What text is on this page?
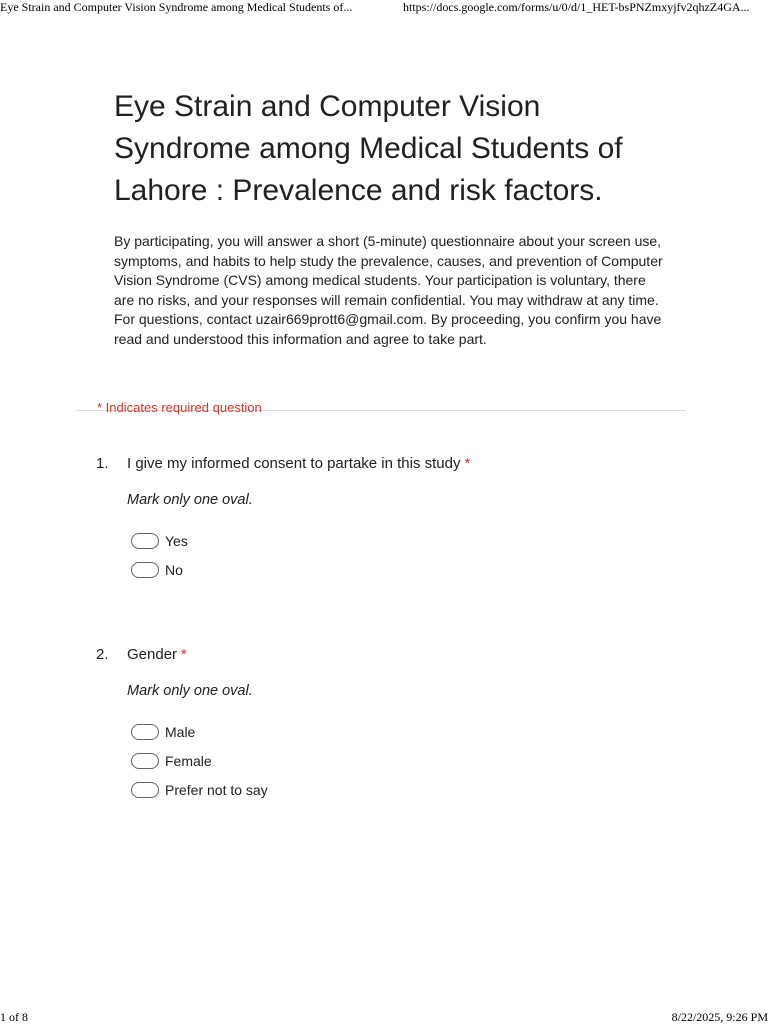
Eye Strain and Computer Vision Syndrome among Medical Students of...	https://docs.google.com/forms/u/0/d/1_HET-bsPNZmxyjfv2qhzZ4GA...
Eye Strain and Computer Vision Syndrome among Medical Students of Lahore : Prevalence and risk factors.

By participating, you will answer a short (5-minute) questionnaire about your screen use, symptoms, and habits to help study the prevalence, causes, and prevention of Computer Vision Syndrome (CVS) among medical students. Your participation is voluntary, there are no risks, and your responses will remain confidential. You may withdraw at any time. For questions, contact uzair669prott6@gmail.com. By proceeding, you confirm you have read and understood this information and agree to take part.

* Indicates required question
1. I give my informed consent to partake in this study *
Mark only one oval.
Yes
No
2. Gender *
Mark only one oval.
Male
Female
Prefer not to say
1 of 8	8/22/2025, 9:26 PM
